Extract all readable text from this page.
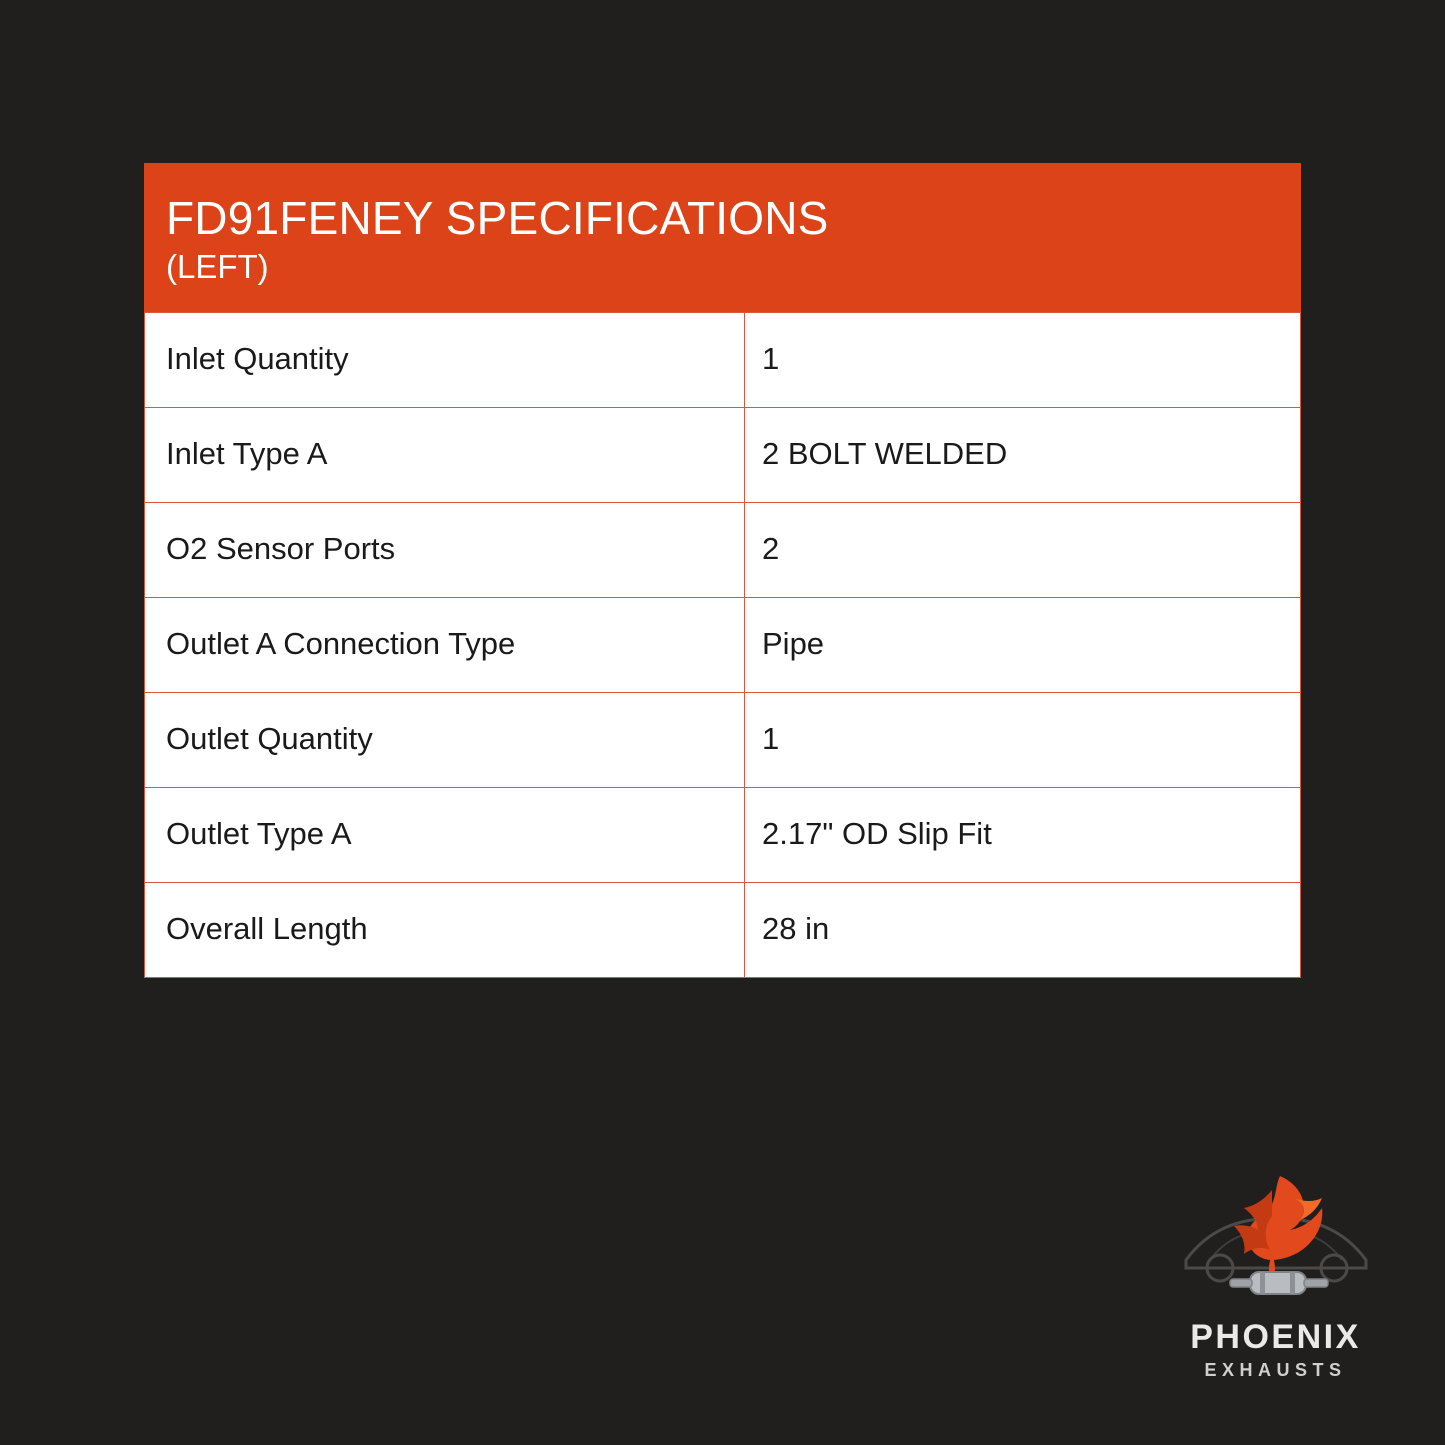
FD91FENEY SPECIFICATIONS
(LEFT)
Inlet Quantity	1
Inlet Type A	2 BOLT WELDED
O2 Sensor Ports	2
Outlet A Connection Type	Pipe
Outlet Quantity	1
Outlet Type A	2.17" OD Slip Fit
Overall Length	28 in
PHOENIX
EXHAUSTS
